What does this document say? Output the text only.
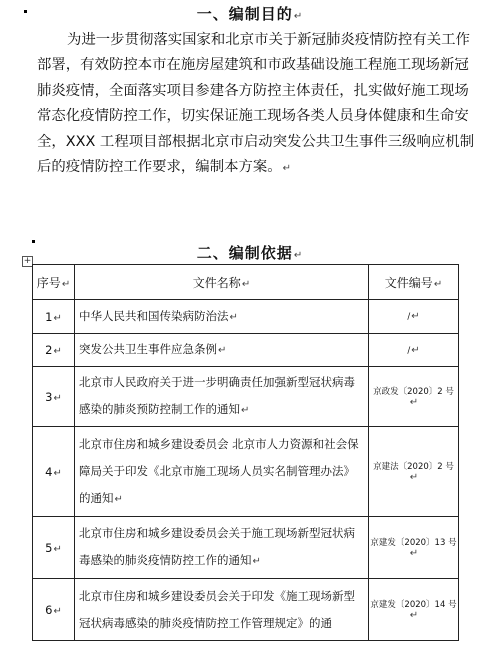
一、编制目的↵
为进一步贯彻落实国家和北京市关于新冠肺炎疫情防控有关工作部署，有效防控本市在施房屋建筑和市政基础设施工程施工现场新冠肺炎疫情，全面落实项目参建各方防控主体责任，扎实做好施工现场常态化疫情防控工作，切实保证施工现场各类人员身体健康和生命安全，XXX 工程项目部根据北京市启动突发公共卫生事件三级响应机制后的疫情防控工作要求，编制本方案。↵
二、编制依据↵
+
序号↵	文件名称↵	文件编号↵
1↵	中华人民共和国传染病防治法↵	/↵
2↵	突发公共卫生事件应急条例↵	/↵
3↵	北京市人民政府关于进一步明确责任加强新型冠状病毒感染的肺炎预防控制工作的通知↵	京政发〔2020〕2 号↵
4↵	北京市住房和城乡建设委员会 北京市人力资源和社会保障局关于印发《北京市施工现场人员实名制管理办法》的通知↵	京建法〔2020〕2 号↵
5↵	北京市住房和城乡建设委员会关于施工现场新型冠状病毒感染的肺炎疫情防控工作的通知↵	京建发〔2020〕13 号↵
6↵	北京市住房和城乡建设委员会关于印发《施工现场新型冠状病毒感染的肺炎疫情防控工作管理规定》的通	京建发〔2020〕14 号↵
